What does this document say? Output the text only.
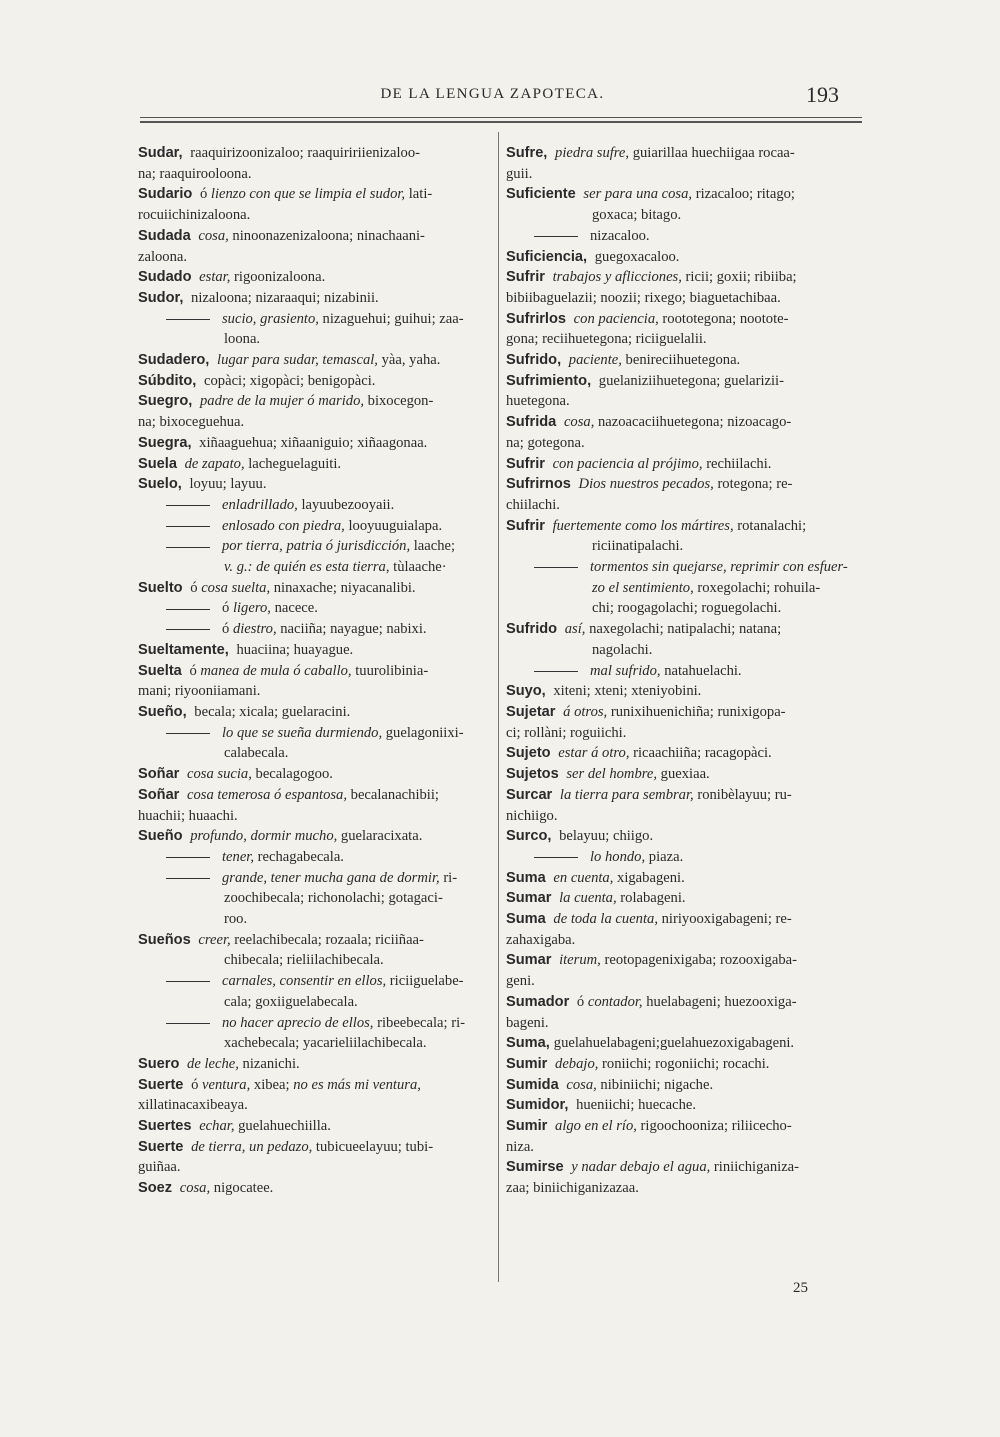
DE LA LENGUA ZAPOTECA.	193
Sudar, raaquirizoonizaloo; raaquiririienizaloo-
na; raaquirooloona.
Sudario ó lienzo con que se limpia el sudor, lati-
rocuiichinizaloona.
Sudada cosa, ninoonazenizaloona; ninachaani-
zaloona.
Sudado estar, rigoonizaloona.
Sudor, nizaloona; nizaraaqui; nizabinii.
sucio, grasiento, nizaguehui; guihui; zaa-
loona.
Sudadero, lugar para sudar, temascal, yàa, yaha.
Súbdito, copàci; xigopàci; benigopàci.
Suegro, padre de la mujer ó marido, bixocegon-
na; bixoceguehua.
Suegra, xiñaaguehua; xiñaaniguio; xiñaagonaa.
Suela de zapato, lacheguelaguiti.
Suelo, loyuu; layuu.
enladrillado, layuubezooyaii.
enlosado con piedra, looyuuguialapa.
por tierra, patria ó jurisdicción, laache;
v. g.: de quién es esta tierra, tùlaache·
Suelto ó cosa suelta, ninaxache; niyacanalibi.
ó ligero, nacece.
ó diestro, naciiña; nayague; nabixi.
Sueltamente, huaciina; huayague.
Suelta ó manea de mula ó caballo, tuurolibinia-
mani; riyooniiamani.
Sueño, becala; xicala; guelaracini.
lo que se sueña durmiendo, guelagoniixi-
calabecala.
Soñar cosa sucia, becalagogoo.
Soñar cosa temerosa ó espantosa, becalanachibii;
huachii; huaachi.
Sueño profundo, dormir mucho, guelaracixata.
tener, rechagabecala.
grande, tener mucha gana de dormir, ri-
zoochibecala; richonolachi; gotagaci-
roo.
Sueños creer, reelachibecala; rozaala; riciiñaa-
chibecala; rieliilachibecala.
carnales, consentir en ellos, riciiguelabe-
cala; goxiiguelabecala.
no hacer aprecio de ellos, ribeebecala; ri-
xachebecala; yacarieliilachibecala.
Suero de leche, nizanichi.
Suerte ó ventura, xibea; no es más mi ventura,
xillatinacaxibeaya.
Suertes echar, guelahuechiilla.
Suerte de tierra, un pedazo, tubicueelayuu; tubi-
guiñaa.
Soez cosa, nigocatee.
Sufre, piedra sufre, guiarillaa huechiigaa rocaa-
guii.
Suficiente ser para una cosa, rizacaloo; ritago;
goxaca; bitago.
nizacaloo.
Suficiencia, guegoxacaloo.
Sufrir trabajos y aflicciones, ricii; goxii; ribiiba;
bibiibaguelazii; noozii; rixego; biaguetachibaa.
Sufrirlos con paciencia, roototegona; nootote-
gona; reciihuetegona; riciiguelalii.
Sufrido, paciente, benireciihuetegona.
Sufrimiento, guelaniziihuetegona; guelarizii-
huetegona.
Sufrida cosa, nazoacaciihuetegona; nizoacago-
na; gotegona.
Sufrir con paciencia al prójimo, rechiilachi.
Sufrirnos Dios nuestros pecados, rotegona; re-
chiilachi.
Sufrir fuertemente como los mártires, rotanalachi;
riciinatipalachi.
tormentos sin quejarse, reprimir con esfuer-
zo el sentimiento, roxegolachi; rohuila-
chi; roogagolachi; roguegolachi.
Sufrido así, naxegolachi; natipalachi; natana;
nagolachi.
mal sufrido, natahuelachi.
Suyo, xiteni; xteni; xteniyobini.
Sujetar á otros, runixihuenichiña; runixigopa-
ci; rollàni; roguiichi.
Sujeto estar á otro, ricaachiiña; racagopàci.
Sujetos ser del hombre, guexiaa.
Surcar la tierra para sembrar, ronibèlayuu; ru-
nichiigo.
Surco, belayuu; chiigo.
lo hondo, piaza.
Suma en cuenta, xigabageni.
Sumar la cuenta, rolabageni.
Suma de toda la cuenta, niriyooxigabageni; re-
zahaxigaba.
Sumar iterum, reotopagenixigaba; rozooxigaba-
geni.
Sumador ó contador, huelabageni; huezooxiga-
bageni.
Suma, guelahuelabageni;guelahuezoxigabageni.
Sumir debajo, roniichi; rogoniichi; rocachi.
Sumida cosa, nibiniichi; nigache.
Sumidor, hueniichi; huecache.
Sumir algo en el río, rigoochooniza; riliicecho-
niza.
Sumirse y nadar debajo el agua, riniichiganiza-
zaa; biniichiganizazaa.
25
